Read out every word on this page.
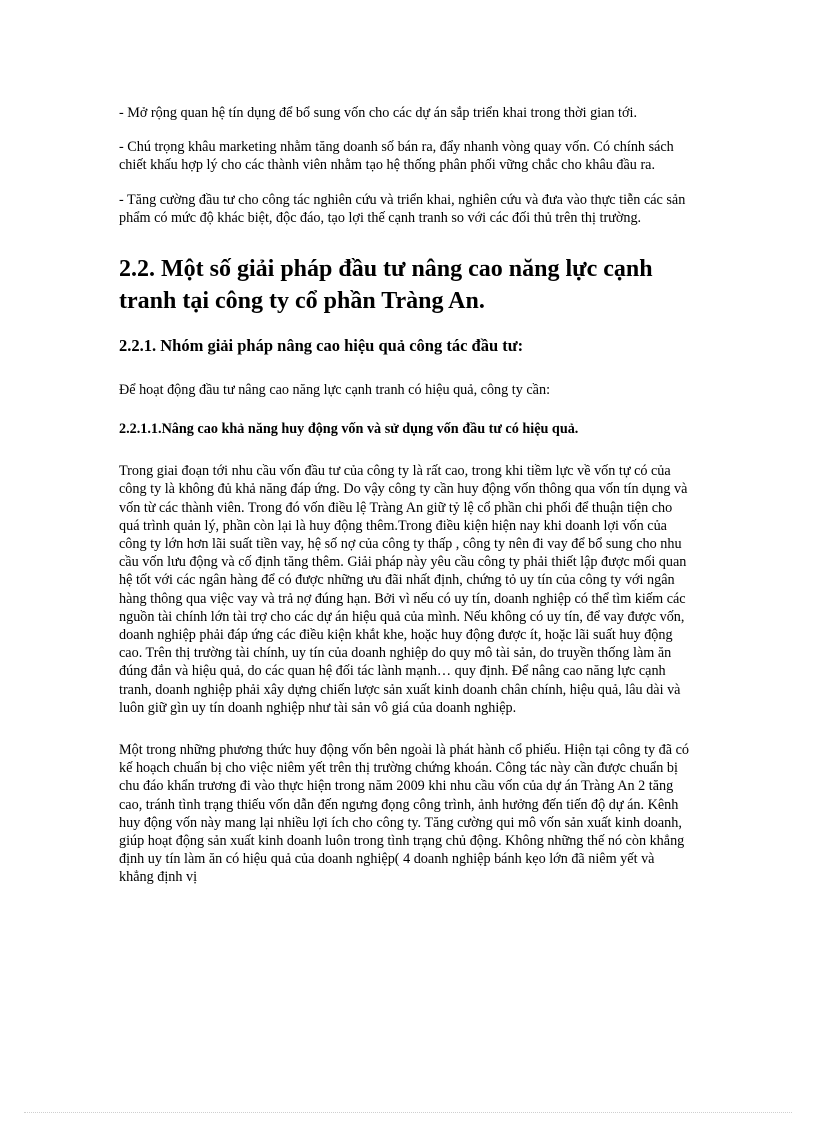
- Mở rộng quan hệ tín dụng để bổ sung vốn cho các dự án sắp triển khai trong thời gian tới.

- Chú trọng khâu marketing nhằm tăng doanh số bán ra, đẩy nhanh vòng quay vốn. Có chính sách chiết khấu hợp lý cho các thành viên nhằm tạo hệ thống phân phối vững chắc cho khâu đầu ra.

- Tăng cường đầu tư cho công tác nghiên cứu và triển khai, nghiên cứu và đưa vào thực tiễn các sản phẩm có mức độ khác biệt, độc đáo, tạo lợi thế cạnh tranh so với các đối thủ trên thị trường.

2.2. Một số giải pháp đầu tư nâng cao năng lực cạnh tranh tại công ty cổ phần Tràng An.
2.2.1. Nhóm giải pháp nâng cao hiệu quả công tác đầu tư:

Để hoạt động đầu tư nâng cao năng lực cạnh tranh có hiệu quả, công ty cần:

2.2.1.1.Nâng cao khả năng huy động vốn và sử dụng vốn đầu tư có hiệu quả.

Trong giai đoạn tới nhu cầu vốn đầu tư của công ty là rất cao, trong khi tiềm lực về vốn tự có của công ty là không đủ khả năng đáp ứng. Do vậy công ty cần huy động vốn thông qua vốn tín dụng và vốn từ các thành viên. Trong đó vốn điều lệ Tràng An giữ tỷ lệ cổ phần chi phối để thuận tiện cho quá trình quản lý, phần còn lại là huy động thêm.Trong điều kiện hiện nay khi doanh lợi vốn của công ty lớn hơn lãi suất tiền vay, hệ số nợ của công ty thấp , công ty nên đi vay để bổ sung cho nhu cầu vốn lưu động và cố định tăng thêm. Giải pháp này yêu cầu công ty phải thiết lập được mối quan hệ tốt với các ngân hàng để có được những ưu đãi nhất định, chứng tỏ uy tín của công ty với ngân hàng thông qua việc vay và trả nợ đúng hạn. Bởi vì nếu có uy tín, doanh nghiệp có thể tìm kiếm các nguồn tài chính lớn tài trợ cho các dự án hiệu quả của mình. Nếu không có uy tín, để vay được vốn, doanh nghiệp phải đáp ứng các điều kiện khắt khe, hoặc huy động được ít, hoặc lãi suất huy động cao. Trên thị trường tài chính, uy tín của doanh nghiệp do quy mô tài sản, do truyền thống làm ăn đúng đắn và hiệu quả, do các quan hệ đối tác lành mạnh… quy định. Để nâng cao năng lực cạnh tranh, doanh nghiệp phải xây dựng chiến lược sản xuất kinh doanh chân chính, hiệu quả, lâu dài và luôn giữ gìn uy tín doanh nghiệp như tài sản vô giá của doanh nghiệp.

Một trong những phương thức huy động vốn bên ngoài là phát hành cổ phiếu. Hiện tại công ty đã có kế hoạch chuẩn bị cho việc niêm yết trên thị trường chứng khoán. Công tác này cần được chuẩn bị chu đáo khẩn trương đi vào thực hiện trong năm 2009 khi nhu cầu vốn của dự án Tràng An 2 tăng cao, tránh tình trạng thiếu vốn dẫn đến ngưng đọng công trình, ảnh hưởng đến tiến độ dự án. Kênh huy động vốn này mang lại nhiều lợi ích cho công ty. Tăng cường qui mô vốn sản xuất kinh doanh, giúp hoạt động sản xuất kinh doanh luôn trong tình trạng chủ động. Không những thế nó còn khẳng định uy tín làm ăn có hiệu quả của doanh nghiệp( 4 doanh nghiệp bánh kẹo lớn đã niêm yết và khẳng định vị
